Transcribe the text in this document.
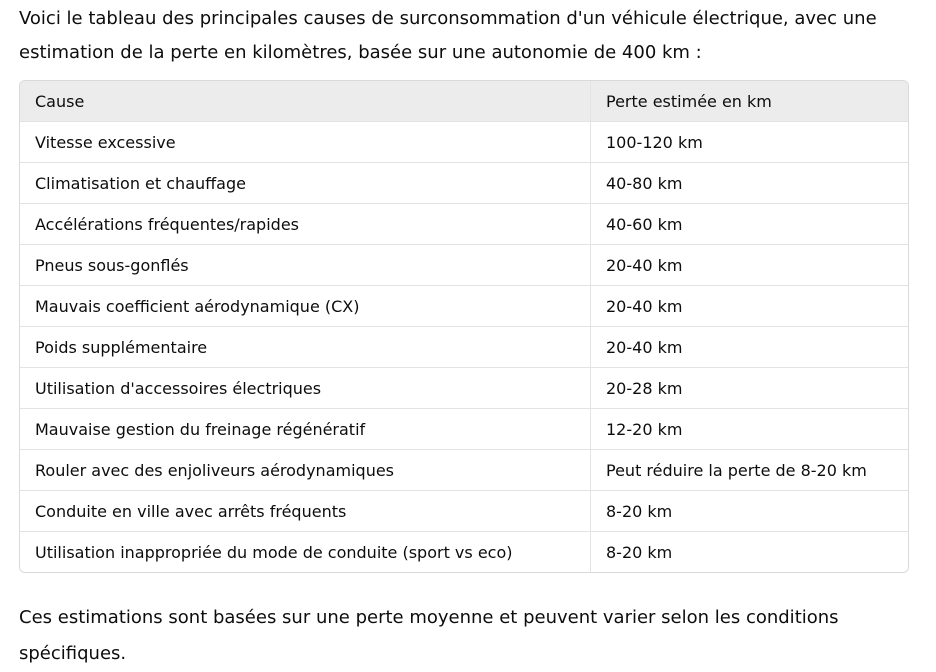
Voici le tableau des principales causes de surconsommation d'un véhicule électrique, avec une estimation de la perte en kilomètres, basée sur une autonomie de 400 km :

Cause	Perte estimée en km
Vitesse excessive	100-120 km
Climatisation et chauffage	40-80 km
Accélérations fréquentes/rapides	40-60 km
Pneus sous-gonflés	20-40 km
Mauvais coefficient aérodynamique (CX)	20-40 km
Poids supplémentaire	20-40 km
Utilisation d'accessoires électriques	20-28 km
Mauvaise gestion du freinage régénératif	12-20 km
Rouler avec des enjoliveurs aérodynamiques	Peut réduire la perte de 8-20 km
Conduite en ville avec arrêts fréquents	8-20 km
Utilisation inappropriée du mode de conduite (sport vs eco)	8-20 km

Ces estimations sont basées sur une perte moyenne et peuvent varier selon les conditions spécifiques.
